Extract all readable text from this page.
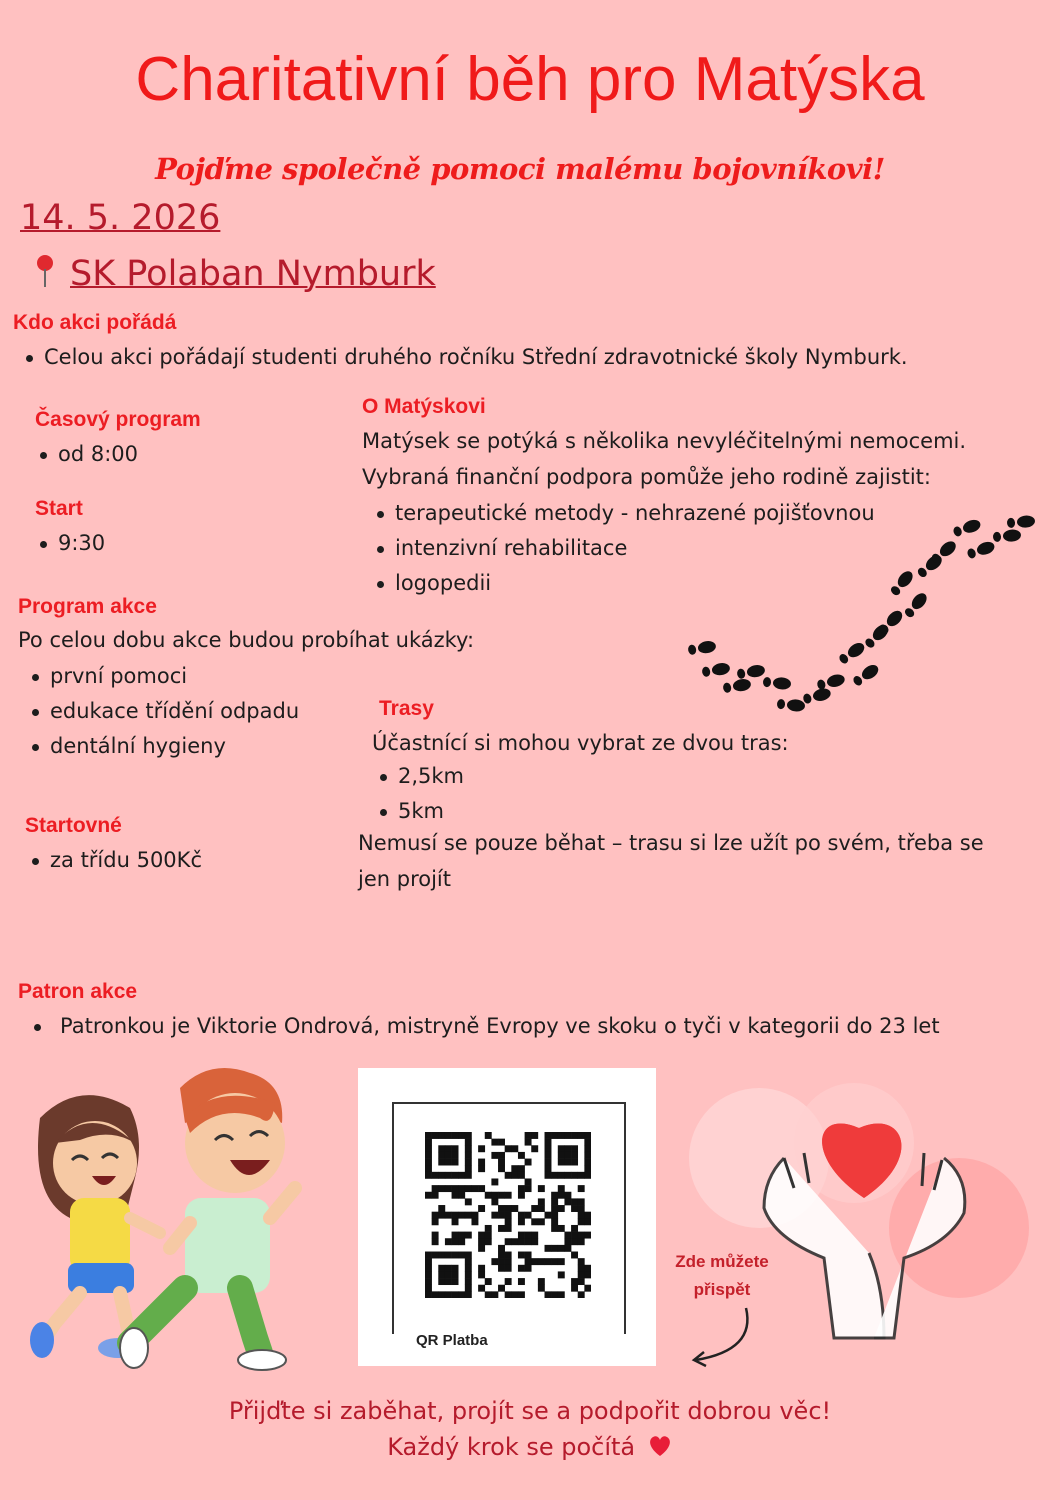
Charitativní běh pro Matýska
Pojďme společně pomoci malému bojovníkovi!
14. 5. 2026
SK Polaban Nymburk
Kdo akci pořádá
Celou akci pořádají studenti druhého ročníku Střední zdravotnické školy Nymburk.
Časový program
od 8:00
Start
9:30
O Matýskovi
Matýsek se potýká s několika nevyléčitelnými nemocemi.
Vybraná finanční podpora pomůže jeho rodině zajistit:
terapeutické metody - nehrazené pojišťovnou
intenzivní rehabilitace
logopedii
Program akce
Po celou dobu akce budou probíhat ukázky:
první pomoci
edukace třídění odpadu
dentální hygieny
Trasy
Účastnící si mohou vybrat ze dvou tras:
2,5km
5km
Nemusí se pouze běhat – trasu si lze užít po svém, třeba se
jen projít
Startovné
za třídu 500Kč
Patron akce
Patronkou je Viktorie Ondrová, mistryně Evropy ve skoku o tyči v kategorii do 23 let
QR Platba
Zde můžete
přispět
Přijďte si zaběhat, projít se a podpořit dobrou věc!
Každý krok se počítá
